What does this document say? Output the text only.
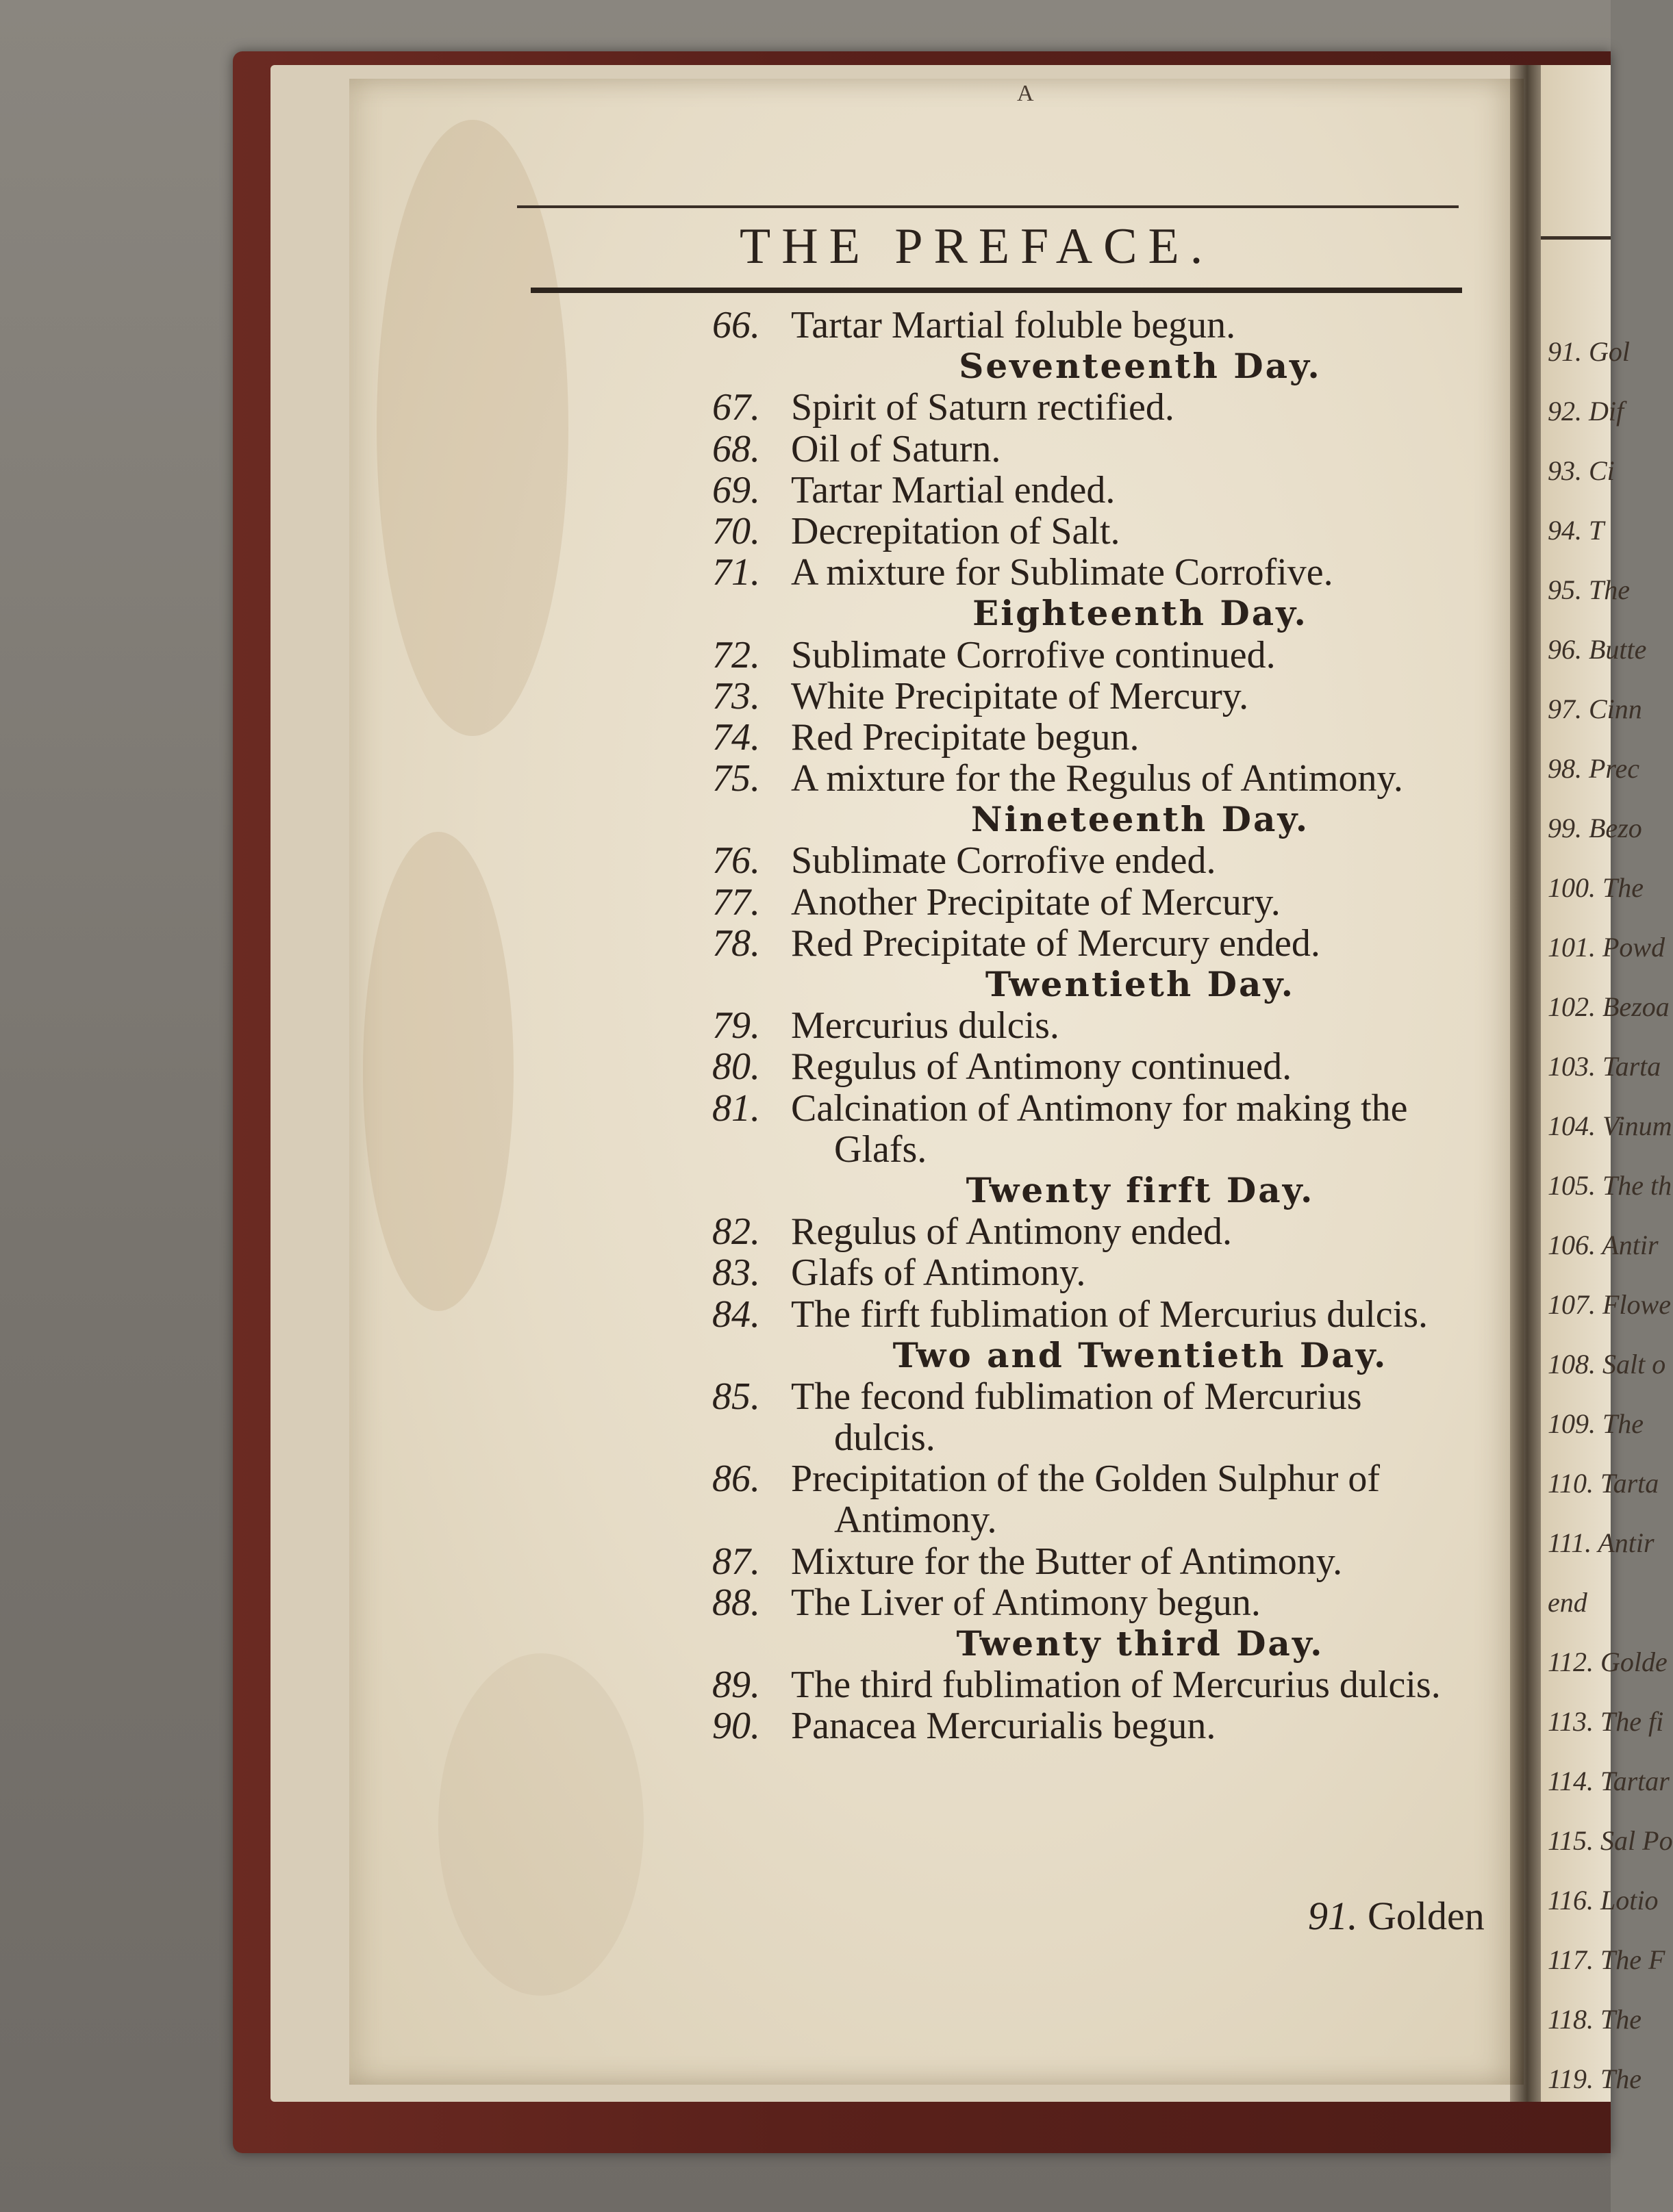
91. Gol
92. Dif
93. Ci
94. T
95. The
96. Butte
97. Cinn
98. Prec
99. Bezo
100. The
101. Powd
102. Bezoa
103. Tarta
104. Vinum
105. The th
106. Antir
107. Flowe
108. Salt o
109. The
110. Tarta
111. Antir
end
112. Golde
113. The fi
114. Tartar
115. Sal Po
116. Lotio
117. The F
118. The
119. The
A
THE PREFACE.
66. Tartar Martial foluble begun.
Seventeenth Day.
67. Spirit of Saturn rectified.
68. Oil of Saturn.
69. Tartar Martial ended.
70. Decrepitation of Salt.
71. A mixture for Sublimate Corrofive.
Eighteenth Day.
72. Sublimate Corrofive continued.
73. White Precipitate of Mercury.
74. Red Precipitate begun.
75. A mixture for the Regulus of Antimony.
Nineteenth Day.
76. Sublimate Corrofive ended.
77. Another Precipitate of Mercury.
78. Red Precipitate of Mercury ended.
Twentieth Day.
79. Mercurius dulcis.
80. Regulus of Antimony continued.
81. Calcination of Antimony for making the
Glafs.
Twenty firft Day.
82. Regulus of Antimony ended.
83. Glafs of Antimony.
84. The firft fublimation of Mercurius dulcis.
Two and Twentieth Day.
85. The fecond fublimation of Mercurius
dulcis.
86. Precipitation of the Golden Sulphur of
Antimony.
87. Mixture for the Butter of Antimony.
88. The Liver of Antimony begun.
Twenty third Day.
89. The third fublimation of Mercurius dulcis.
90. Panacea Mercurialis begun.
91. Golden
